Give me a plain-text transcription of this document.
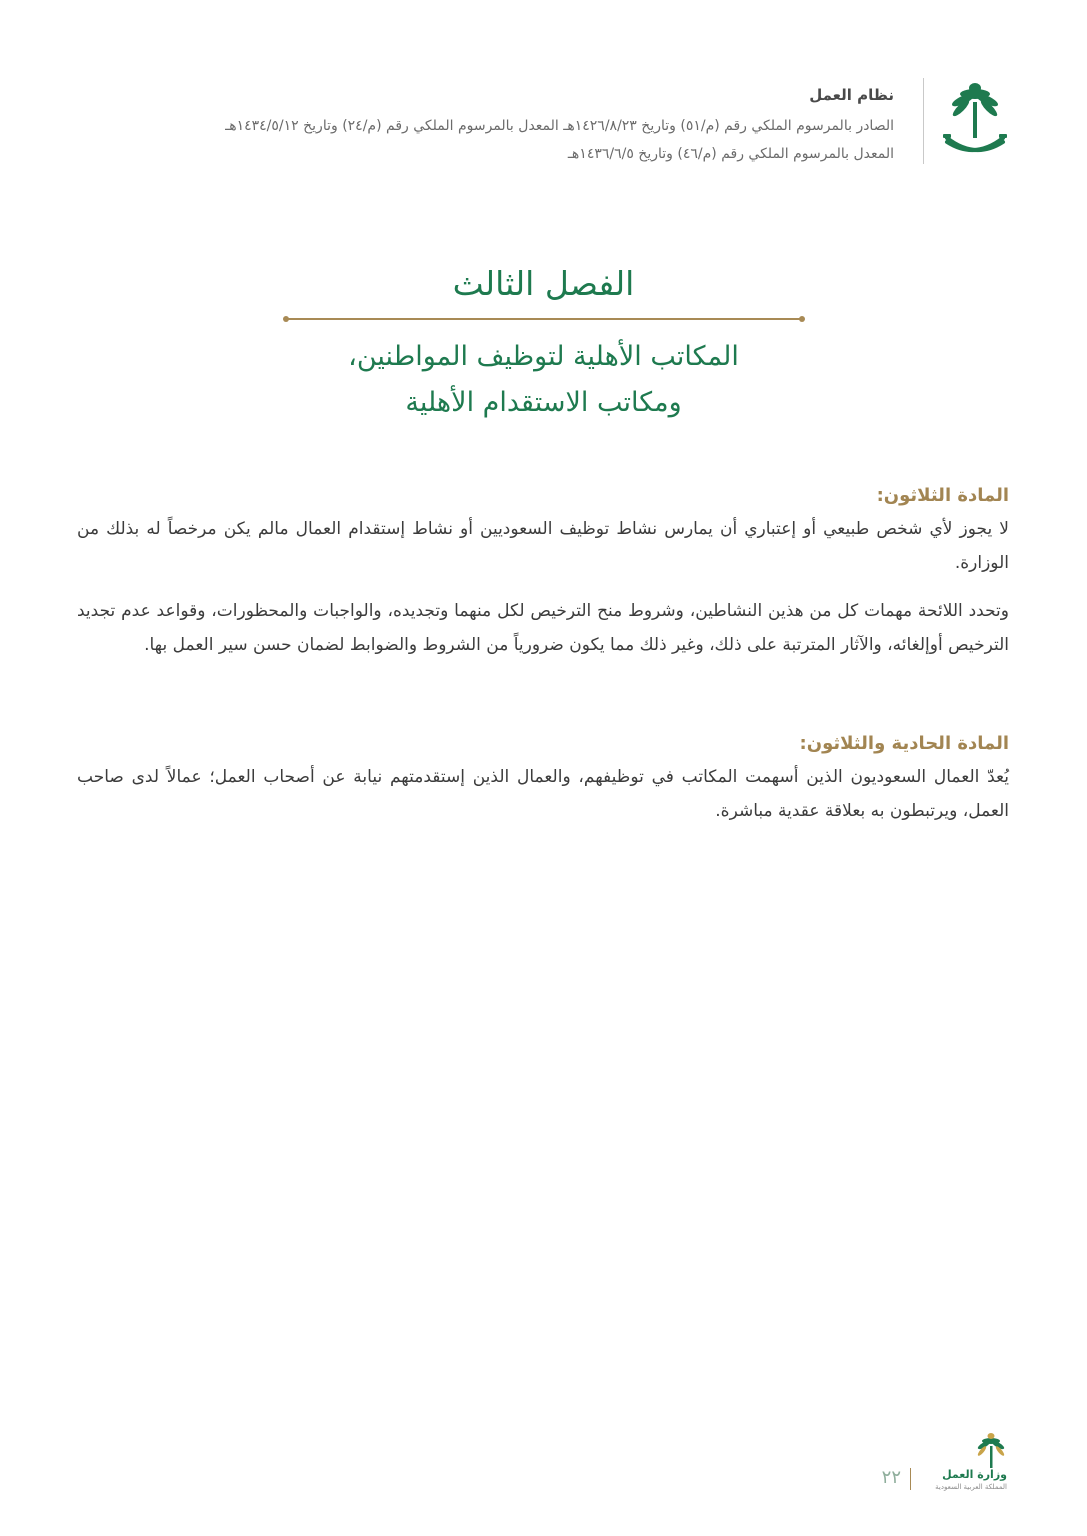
نظام العمل

الصادر بالمرسوم الملكي رقم (م/٥١) وتاريخ ١٤٢٦/٨/٢٣هـ المعدل بالمرسوم الملكي رقم (م/٢٤) وتاريخ ١٤٣٤/٥/١٢هـ

المعدل بالمرسوم الملكي رقم (م/٤٦) وتاريخ ١٤٣٦/٦/٥هـ

الفصل الثالث
المكاتب الأهلية لتوظيف المواطنين،
ومكاتب الاستقدام الأهلية
المادة الثلاثون:

لا يجوز لأي شخص طبيعي أو إعتباري أن يمارس نشاط توظيف السعوديين أو نشاط إستقدام العمال مالم يكن مرخصاً له بذلك من الوزارة.

وتحدد اللائحة مهمات كل من هذين النشاطين، وشروط منح الترخيص لكل منهما وتجديده، والواجبات والمحظورات، وقواعد عدم تجديد الترخيص أوإلغائه، والآثار المترتبة على ذلك، وغير ذلك مما يكون ضرورياً من الشروط والضوابط لضمان حسن سير العمل بها.

المادة الحادية والثلاثون:

يُعدّ العمال السعوديون الذين أسهمت المكاتب في توظيفهم، والعمال الذين إستقدمتهم نيابة عن أصحاب العمل؛ عمالاً لدى صاحب العمل، ويرتبطون به بعلاقة عقدية مباشرة.

وزارة العمل

المملكة العربية السعودية

٢٢
